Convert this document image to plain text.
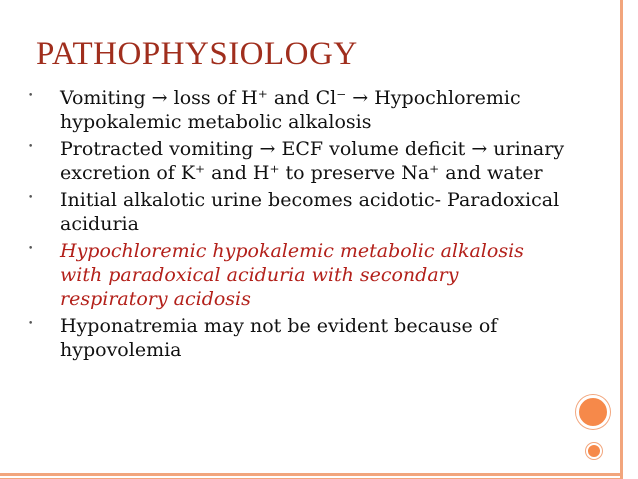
PATHOPHYSIOLOGY
• Vomiting → loss of H⁺ and Cl⁻ → Hypochloremic hypokalemic metabolic alkalosis
• Protracted vomiting → ECF volume deficit → urinary excretion of K⁺ and H⁺ to preserve Na⁺ and water
• Initial alkalotic urine becomes acidotic- Paradoxical aciduria
• Hypochloremic hypokalemic metabolic alkalosis with paradoxical aciduria with secondary respiratory acidosis
• Hyponatremia may not be evident because of hypovolemia
